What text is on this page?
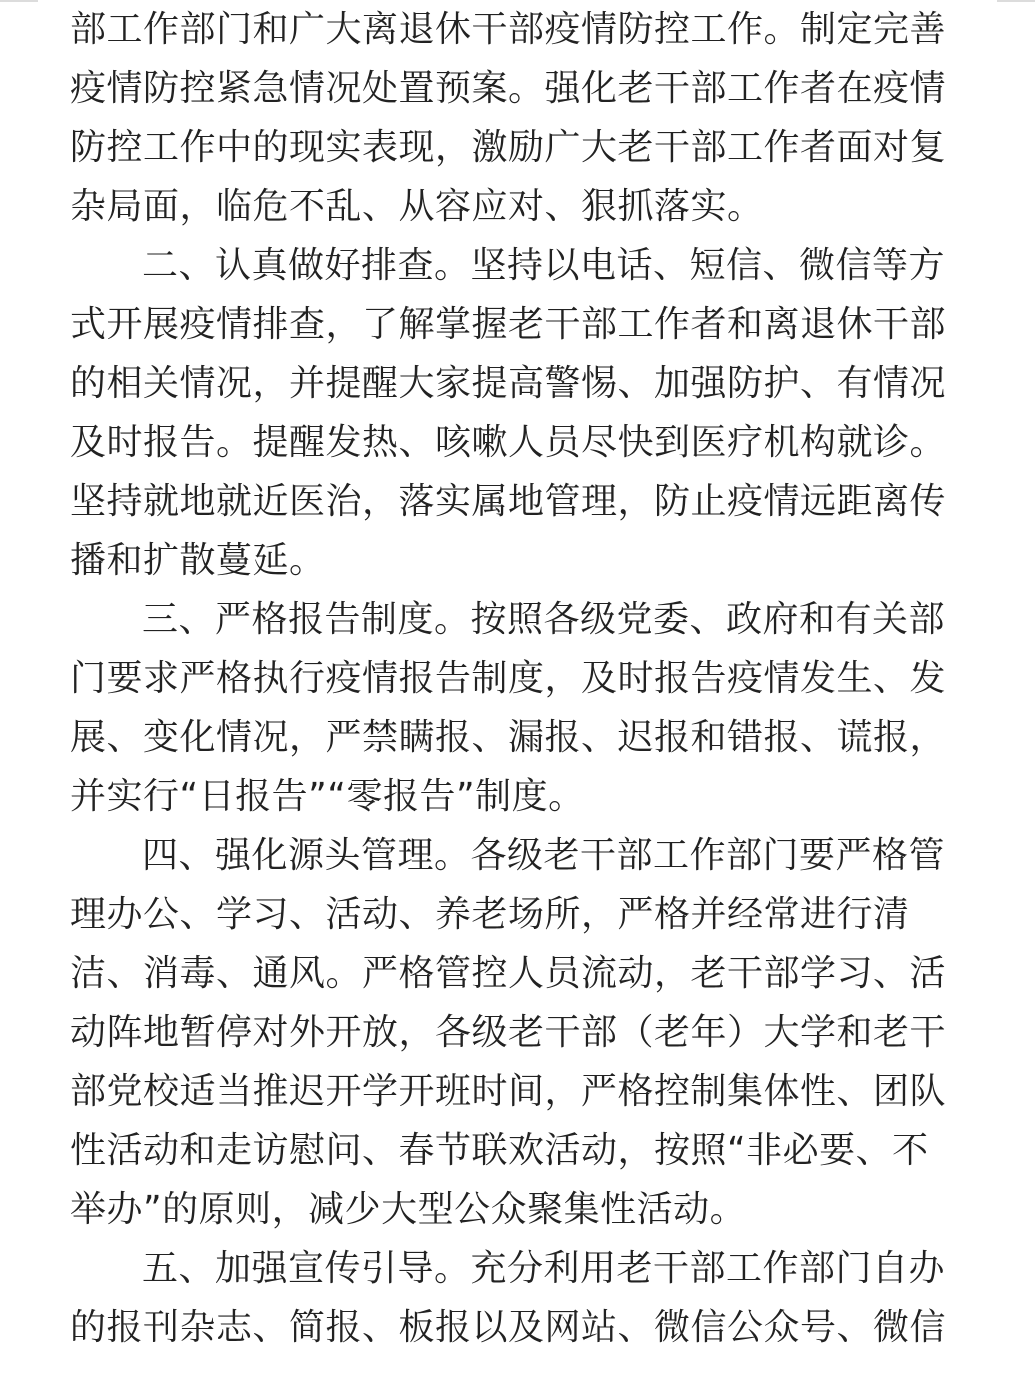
部工作部门和广大离退休干部疫情防控工作。制定完善
疫情防控紧急情况处置预案。强化老干部工作者在疫情
防控工作中的现实表现，激励广大老干部工作者面对复
杂局面，临危不乱、从容应对、狠抓落实。
二、认真做好排查。坚持以电话、短信、微信等方
式开展疫情排查，了解掌握老干部工作者和离退休干部
的相关情况，并提醒大家提高警惕、加强防护、有情况
及时报告。提醒发热、咳嗽人员尽快到医疗机构就诊。
坚持就地就近医治，落实属地管理，防止疫情远距离传
播和扩散蔓延。
三、严格报告制度。按照各级党委、政府和有关部
门要求严格执行疫情报告制度，及时报告疫情发生、发
展、变化情况，严禁瞒报、漏报、迟报和错报、谎报，
并实行“日报告”“零报告”制度。
四、强化源头管理。各级老干部工作部门要严格管
理办公、学习、活动、养老场所，严格并经常进行清
洁、消毒、通风。严格管控人员流动，老干部学习、活
动阵地暂停对外开放，各级老干部（老年）大学和老干
部党校适当推迟开学开班时间，严格控制集体性、团队
性活动和走访慰问、春节联欢活动，按照“非必要、不
举办”的原则，减少大型公众聚集性活动。
五、加强宣传引导。充分利用老干部工作部门自办
的报刊杂志、简报、板报以及网站、微信公众号、微信
